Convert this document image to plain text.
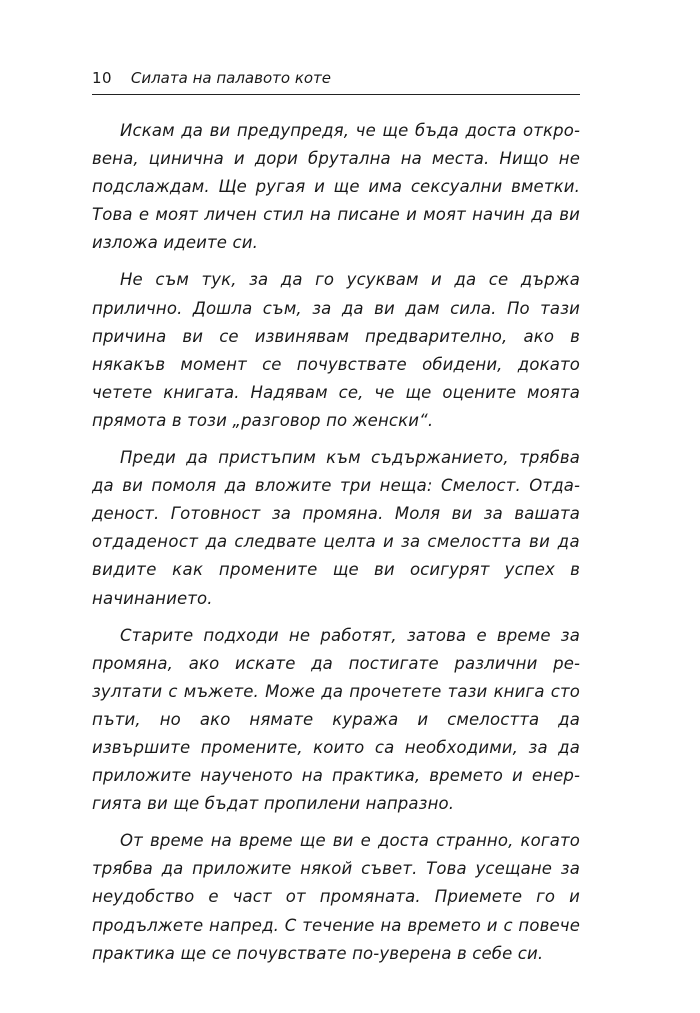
10 Силата на палавото коте

Искам да ви предупредя, че ще бъда доста откровена, цинична и дори брутална на места. Нищо не подслаждам. Ще ругая и ще има сексуални вметки. Това е моят личен стил на писане и моят начин да ви изложа идеите си.

Не съм тук, за да го усуквам и да се държа прилично. Дошла съм, за да ви дам сила. По тази причина ви се извинявам предварително, ако в някакъв момент се почувствате обидени, докато четете книгата. Надявам се, че ще оцените моята прямота в този „разговор по женски“.

Преди да пристъпим към съдържанието, трябва да ви помоля да вложите три неща: Смелост. Отдаденост. Готовност за промяна. Моля ви за вашата отдаденост да следвате целта и за смелостта ви да видите как промените ще ви осигурят успех в начинанието.

Старите подходи не работят, затова е време за промяна, ако искате да постигате различни резултати с мъжете. Може да прочетете тази книга сто пъти, но ако нямате куража и смелостта да извършите промените, които са необходими, за да приложите наученото на практика, времето и енергията ви ще бъдат пропилени напразно.

От време на време ще ви е доста странно, когато трябва да приложите някой съвет. Това усещане за неудобство е част от промяната. Приемете го и продължете напред. С течение на времето и с повече практика ще се почувствате по-уверена в себе си.
